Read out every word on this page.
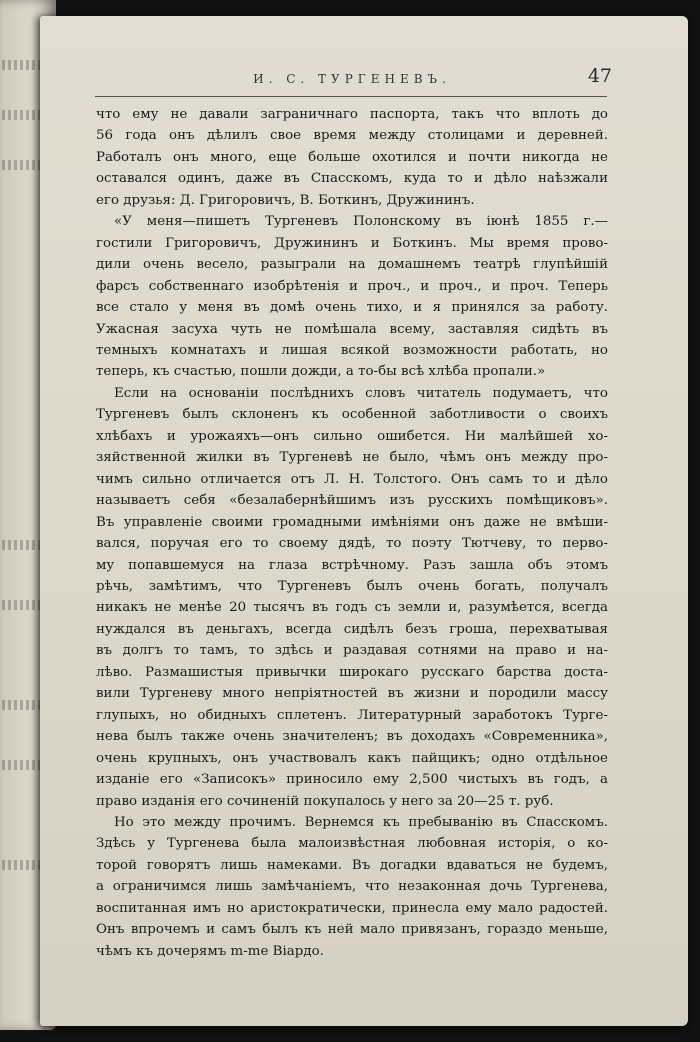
И. С. ТУРГЕНЕВЪ.	47
что ему не давали заграничнаго паспорта, такъ что вплоть до
56 года онъ дѣлилъ свое время между столицами и деревней.
Работалъ онъ много, еще больше охотился и почти никогда не
оставался одинъ, даже въ Спасскомъ, куда то и дѣло наѣзжали
его друзья: Д. Григоровичъ, В. Боткинъ, Дружининъ.
«У меня—пишетъ Тургеневъ Полонскому въ іюнѣ 1855 г.—
гостили Григоровичъ, Дружининъ и Боткинъ. Мы время прово-
дили очень весело, разыграли на домашнемъ театрѣ глупѣйшій
фарсъ собственнаго изобрѣтенія и проч., и проч., и проч. Теперь
все стало у меня въ домѣ очень тихо, и я принялся за работу.
Ужасная засуха чуть не помѣшала всему, заставляя сидѣть въ
темныхъ комнатахъ и лишая всякой возможности работать, но
теперь, къ счастью, пошли дожди, а то-бы всѣ хлѣба пропали.»
Если на основаніи послѣднихъ словъ читатель подумаетъ, что
Тургеневъ былъ склоненъ къ особенной заботливости о своихъ
хлѣбахъ и урожаяхъ—онъ сильно ошибется. Ни малѣйшей хо-
зяйственной жилки въ Тургеневѣ не было, чѣмъ онъ между про-
чимъ сильно отличается отъ Л. Н. Толстого. Онъ самъ то и дѣло
называетъ себя «безалабернѣйшимъ изъ русскихъ помѣщиковъ».
Въ управленіе своими громадными имѣніями онъ даже не вмѣши-
вался, поручая его то своему дядѣ, то поэту Тютчеву, то перво-
му попавшемуся на глаза встрѣчному. Разъ зашла объ этомъ
рѣчь, замѣтимъ, что Тургеневъ былъ очень богать, получалъ
никакъ не менѣе 20 тысячъ въ годъ съ земли и, разумѣется, всегда
нуждался въ деньгахъ, всегда сидѣлъ безъ гроша, перехватывая
въ долгъ то тамъ, то здѣсь и раздавая сотнями на право и на-
лѣво. Размашистыя привычки широкаго русскаго барства доста-
вили Тургеневу много непріятностей въ жизни и породили массу
глупыхъ, но обидныхъ сплетенъ. Литературный заработокъ Турге-
нева былъ также очень значителенъ; въ доходахъ «Современника»,
очень крупныхъ, онъ участвовалъ какъ пайщикъ; одно отдѣльное
изданіе его «Записокъ» приносило ему 2,500 чистыхъ въ годъ, а
право изданія его сочиненій покупалось у него за 20—25 т. руб.
Но это между прочимъ. Вернемся къ пребыванію въ Спасскомъ.
Здѣсь у Тургенева была малоизвѣстная любовная исторія, о ко-
торой говорятъ лишь намеками. Въ догадки вдаваться не будемъ,
а ограничимся лишь замѣчаніемъ, что незаконная дочь Тургенева,
воспитанная имъ но аристократически, принесла ему мало радостей.
Онъ впрочемъ и самъ былъ къ ней мало привязанъ, гораздо меньше,
чѣмъ къ дочерямъ m-me Віардо.
